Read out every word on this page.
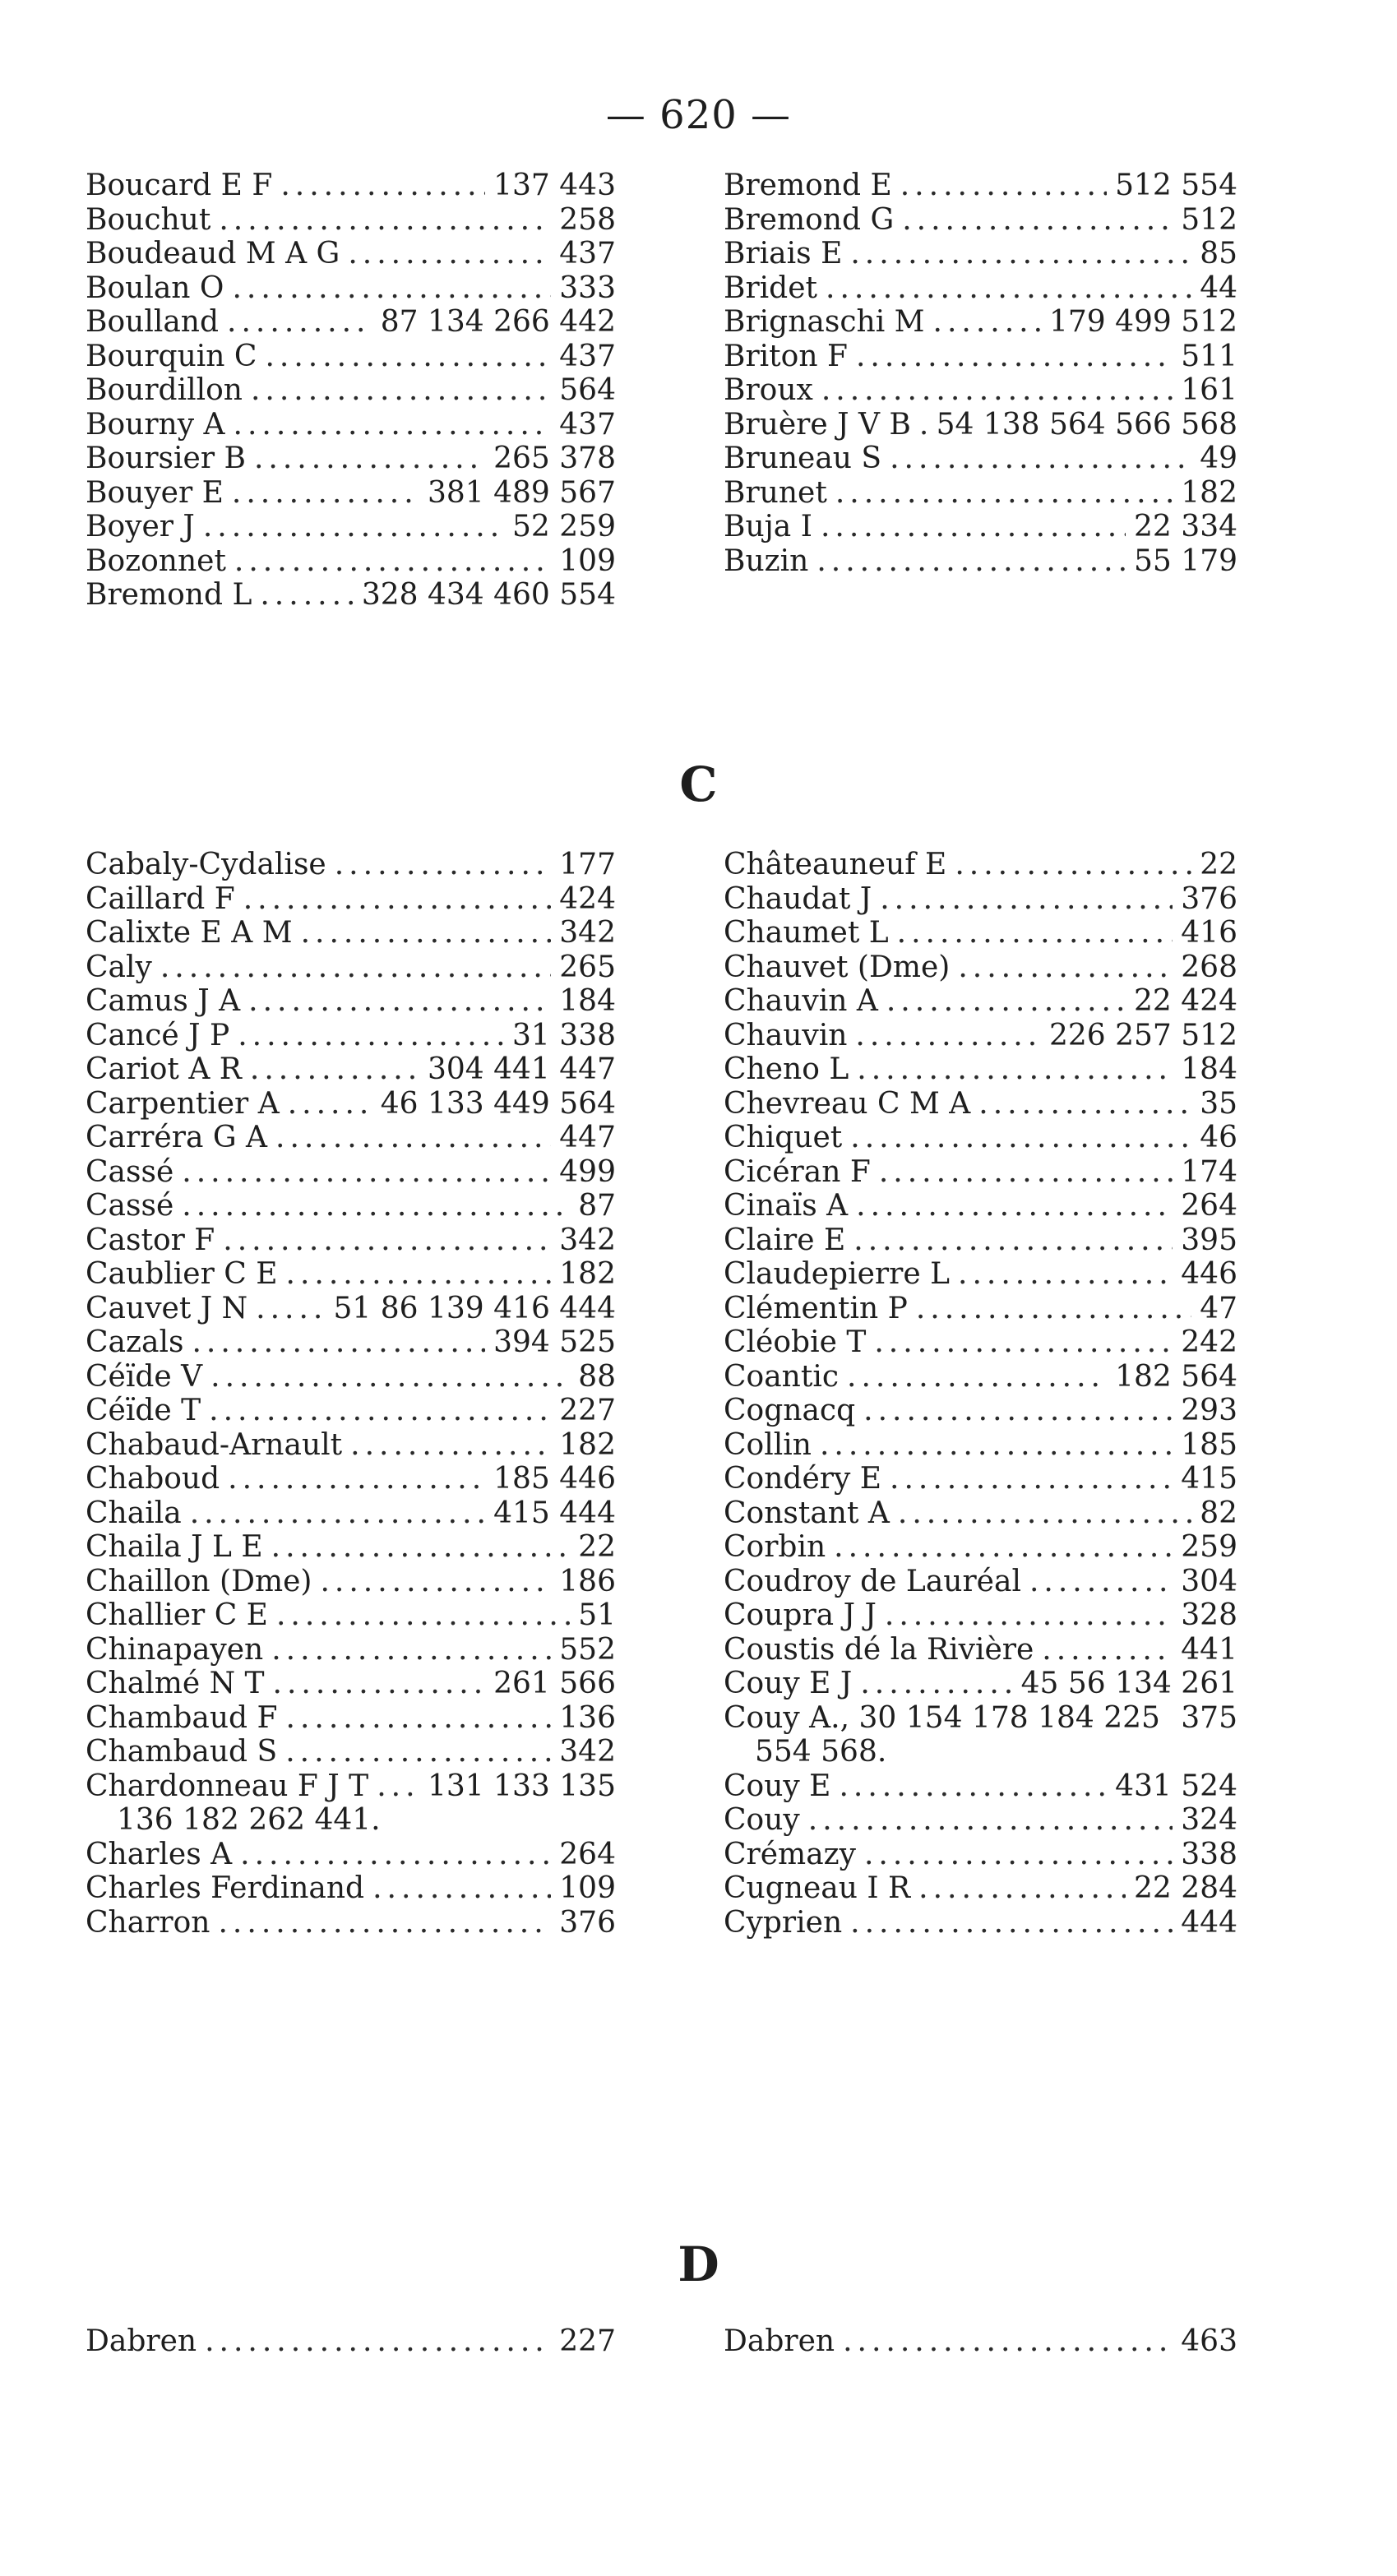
— 620 —
Boucard E F .....	137 443
Bouchut .....	258
Boudeaud M A G .....	437
Boulan O .....	333
Boulland .....	87 134 266 442
Bourquin C .....	437
Bourdillon .....	564
Bourny A .....	437
Boursier B .....	265 378
Bouyer E .....	381 489 567
Boyer J .....	52 259
Bozonnet .....	109
Bremond L .....	328 434 460 554
Bremond E .....	512 554
Bremond G .....	512
Briais E .....	85
Bridet .....	44
Brignaschi M .....	179 499 512
Briton F .....	511
Broux .....	161
Bruère J V B ..... 54 138 564 566 568
Bruneau S .....	49
Brunet .....	182
Buja I .....	22 334
Buzin .....	55 179
C
Cabaly-Cydalise .....	177
Caillard F .....	424
Calixte E A M .....	342
Caly .....	265
Camus J A .....	184
Cancé J P .....	31 338
Cariot A R .....	304 441 447
Carpentier A .....	46 133 449 564
Carréra G A .....	447
Cassé .....	499
Cassé .....	87
Castor F .....	342
Caublier C E .....	182
Cauvet J N .....	51 86 139 416 444
Cazals .....	394 525
Céïde V .....	88
Céïde T .....	227
Chabaud-Arnault .....	182
Chaboud .....	185 446
Chaila .....	415 444
Chaila J L E .....	22
Chaillon (Dme) .....	186
Challier C E .....	51
Chinapayen .....	552
Chalmé N T .....	261 566
Chambaud F .....	136
Chambaud S .....	342
Chardonneau F J T ..... 131 133 135
136 182 262 441.
Charles A .....	264
Charles Ferdinand .....	109
Charron .....	376
Châteauneuf E .....	22
Chaudat J .....	376
Chaumet L .....	416
Chauvet (Dme) .....	268
Chauvin A .....	22 424
Chauvin .....	226 257 512
Cheno L .....	184
Chevreau C M A .....	35
Chiquet .....	46
Cicéran F .....	174
Cinaïs A .....	264
Claire E .....	395
Claudepierre L .....	446
Clémentin P .....	47
Cléobie T .....	242
Coantic .....	182 564
Cognacq .....	293
Collin .....	185
Condéry E .....	415
Constant A .....	82
Corbin .....	259
Coudroy de Lauréal .....	304
Coupra J J .....	328
Coustis dé la Rivière .....	441
Couy E J .....	45 56 134 261
Couy A., 30 154 178 184 225 375
554 568.
Couy E .....	431 524
Couy .....	324
Crémazy .....	338
Cugneau I R .....	22 284
Cyprien .....	444
D
Dabren .....	227	Dabren .....	463
